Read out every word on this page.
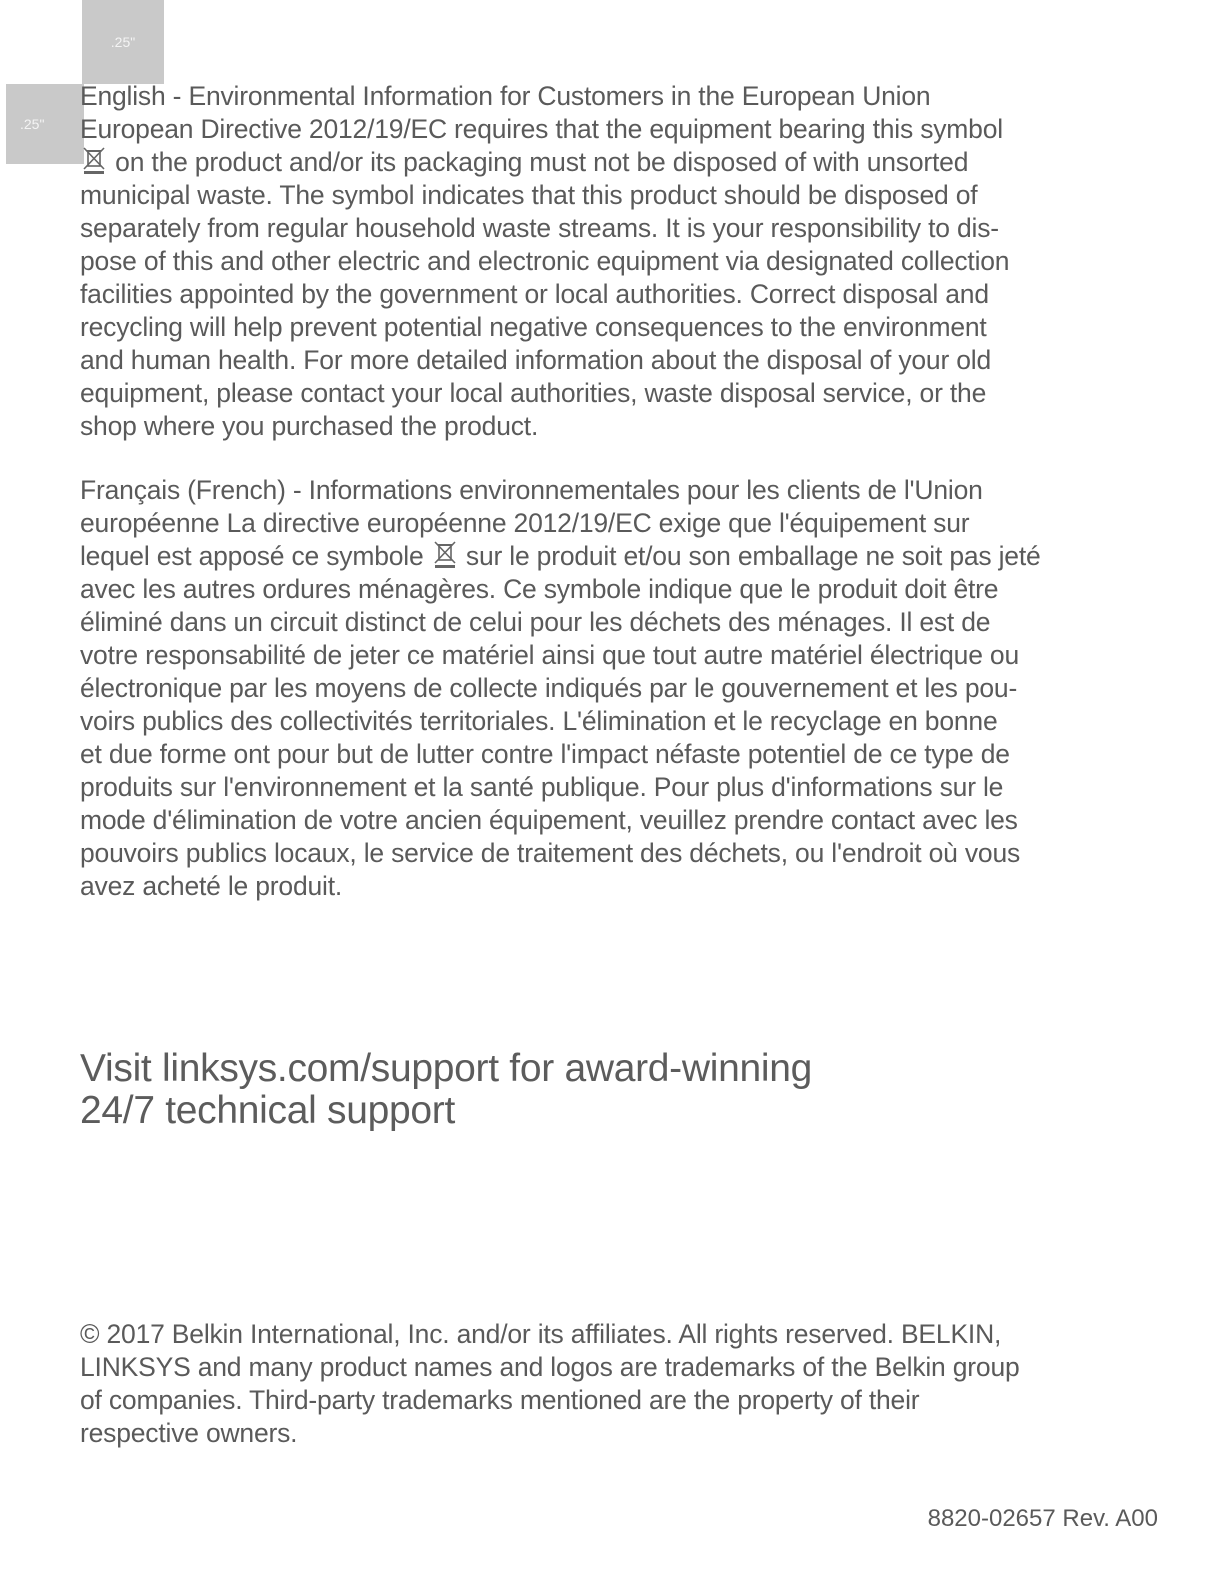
.25"
.25"
English - Environmental Information for Customers in the European Union
European Directive 2012/19/EC requires that the equipment bearing this symbol
on the product and/or its packaging must not be disposed of with unsorted
municipal waste. The symbol indicates that this product should be disposed of
separately from regular household waste streams. It is your responsibility to dis-
pose of this and other electric and electronic equipment via designated collection
facilities appointed by the government or local authorities. Correct disposal and
recycling will help prevent potential negative consequences to the environment
and human health. For more detailed information about the disposal of your old
equipment, please contact your local authorities, waste disposal service, or the
shop where you purchased the product.
Français (French) - Informations environnementales pour les clients de l'Union
européenne La directive européenne 2012/19/EC exige que l'équipement sur
lequel est apposé ce symbole sur le produit et/ou son emballage ne soit pas jeté
avec les autres ordures ménagères. Ce symbole indique que le produit doit être
éliminé dans un circuit distinct de celui pour les déchets des ménages. Il est de
votre responsabilité de jeter ce matériel ainsi que tout autre matériel électrique ou
électronique par les moyens de collecte indiqués par le gouvernement et les pou-
voirs publics des collectivités territoriales. L'élimination et le recyclage en bonne
et due forme ont pour but de lutter contre l'impact néfaste potentiel de ce type de
produits sur l'environnement et la santé publique. Pour plus d'informations sur le
mode d'élimination de votre ancien équipement, veuillez prendre contact avec les
pouvoirs publics locaux, le service de traitement des déchets, ou l'endroit où vous
avez acheté le produit.
Visit linksys.com/support for award-winning
24/7 technical support
© 2017 Belkin International, Inc. and/or its affiliates. All rights reserved. BELKIN,
LINKSYS and many product names and logos are trademarks of the Belkin group
of companies. Third-party trademarks mentioned are the property of their
respective owners.
8820-02657 Rev. A00
